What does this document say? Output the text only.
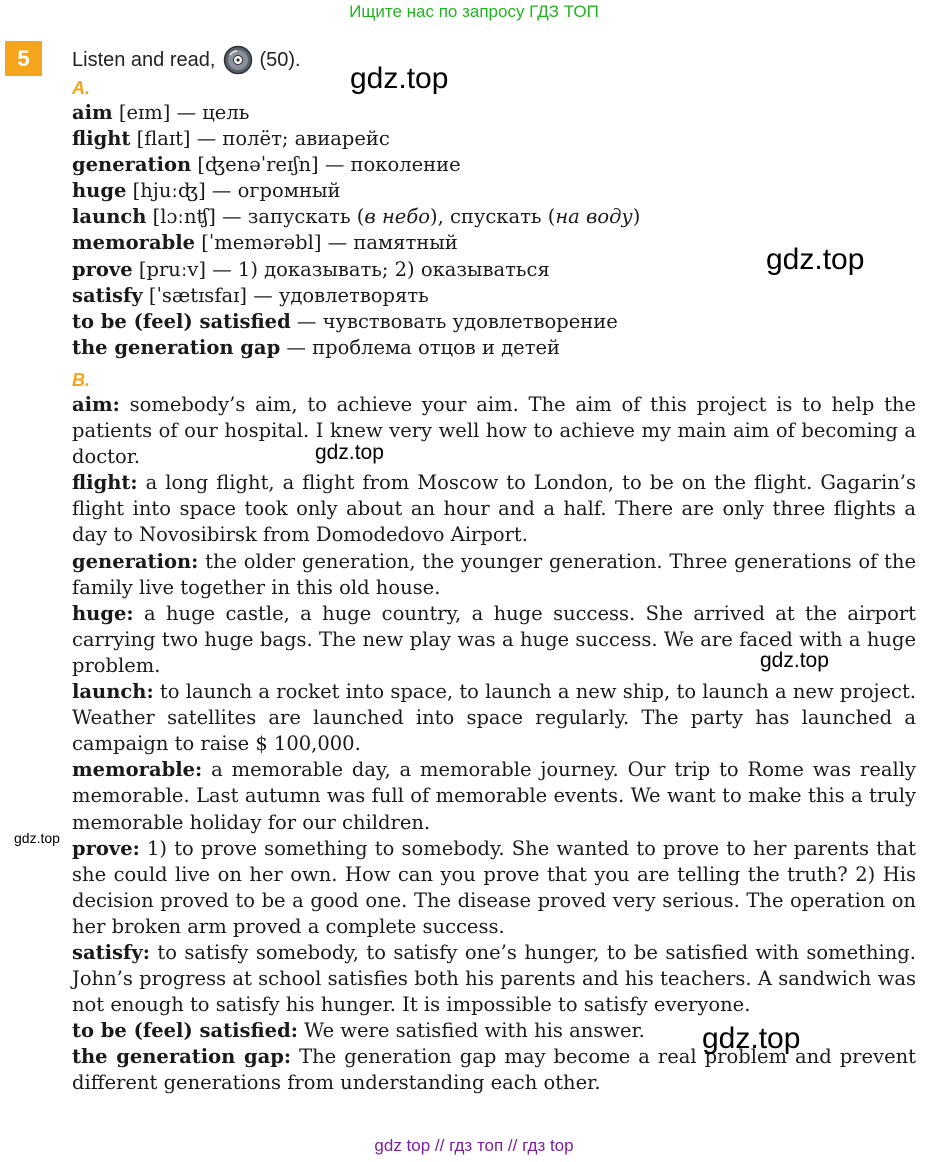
Ищите нас по запросу ГДЗ ТОП
5	Listen and read, (50).
A.
aim [eɪm] — цель
flight [flaɪt] — полёт; авиарейс
generation [ʤenəˈreɪʃn] — поколение
huge [hjuːʤ] — огромный
launch [lɔːnʧ] — запускать (в небо), спускать (на воду)
memorable [ˈmemərəbl] — памятный
prove [pruːv] — 1) доказывать; 2) оказываться
satisfy [ˈsætɪsfaɪ] — удовлетворять
to be (feel) satisfied — чувствовать удовлетворение
the generation gap — проблема отцов и детей
B.

aim: somebody’s aim, to achieve your aim. The aim of this project is to help the patients of our hospital. I knew very well how to achieve my main aim of becoming a doctor.

flight: a long flight, a flight from Moscow to London, to be on the flight. Gagarin’s flight into space took only about an hour and a half. There are only three flights a day to Novosibirsk from Domodedovo Airport.

generation: the older generation, the younger generation. Three generations of the family live together in this old house.

huge: a huge castle, a huge country, a huge success. She arrived at the airport carrying two huge bags. The new play was a huge success. We are faced with a huge problem.

launch: to launch a rocket into space, to launch a new ship, to launch a new project. Weather satellites are launched into space regularly. The party has launched a campaign to raise $ 100,000.

memorable: a memorable day, a memorable journey. Our trip to Rome was really memorable. Last autumn was full of memorable events. We want to make this a truly memorable holiday for our children.

prove: 1) to prove something to somebody. She wanted to prove to her parents that she could live on her own. How can you prove that you are telling the truth? 2) His decision proved to be a good one. The disease proved very serious. The operation on her broken arm proved a complete success.

satisfy: to satisfy somebody, to satisfy one’s hunger, to be satisfied with something. John’s progress at school satisfies both his parents and his teachers. A sandwich was not enough to satisfy his hunger. It is impossible to satisfy everyone.

to be (feel) satisfied: We were satisfied with his answer.

the generation gap: The generation gap may become a real problem and prevent different generations from understanding each other.

gdz.top
gdz.top
gdz.top
gdz.top
gdz.top
gdz.top
gdz top // гдз топ // гдз top
